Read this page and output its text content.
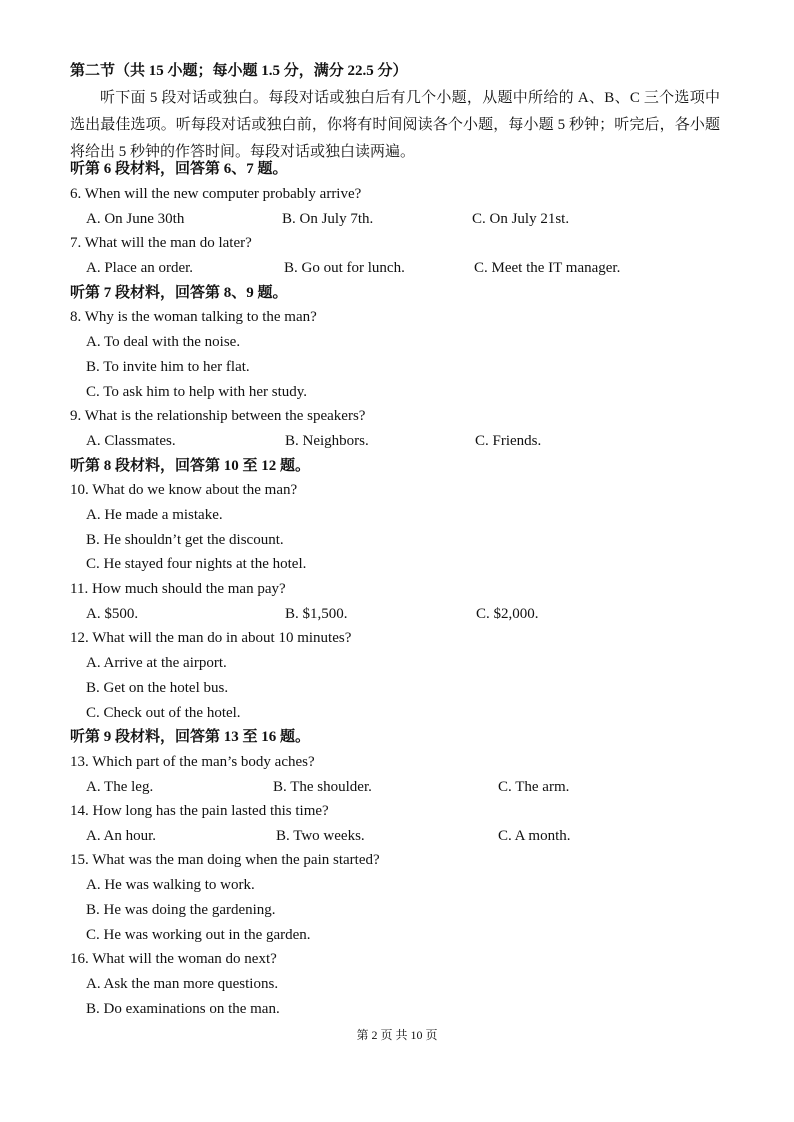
第二节（共 15 小题；每小题 1.5 分，满分 22.5 分）

听下面 5 段对话或独白。每段对话或独白后有几个小题，从题中所给的 A、B、C 三个选项中选出最佳选项。听每段对话或独白前，你将有时间阅读各个小题，每小题 5 秒钟；听完后，各小题将给出 5 秒钟的作答时间。每段对话或独白读两遍。

听第 6 段材料，回答第 6、7 题。
6. When will the new computer probably arrive?
A. On June 30th	B. On July 7th.	C. On July 21st.
7. What will the man do later?
A. Place an order.	B. Go out for lunch.	C. Meet the IT manager.
听第 7 段材料，回答第 8、9 题。
8. Why is the woman talking to the man?
A. To deal with the noise.
B. To invite him to her flat.
C. To ask him to help with her study.
9. What is the relationship between the speakers?
A. Classmates.	B. Neighbors.	C. Friends.
听第 8 段材料，回答第 10 至 12 题。
10. What do we know about the man?
A. He made a mistake.
B. He shouldn’t get the discount.
C. He stayed four nights at the hotel.
11. How much should the man pay?
A. $500.	B. $1,500.	C. $2,000.
12. What will the man do in about 10 minutes?
A. Arrive at the airport.
B. Get on the hotel bus.
C. Check out of the hotel.
听第 9 段材料，回答第 13 至 16 题。
13. Which part of the man’s body aches?
A. The leg.	B. The shoulder.	C. The arm.
14. How long has the pain lasted this time?
A. An hour.	B. Two weeks.	C. A month.
15. What was the man doing when the pain started?
A. He was walking to work.
B. He was doing the gardening.
C. He was working out in the garden.
16. What will the woman do next?
A. Ask the man more questions.
B. Do examinations on the man.
第 2 页 共 10 页
